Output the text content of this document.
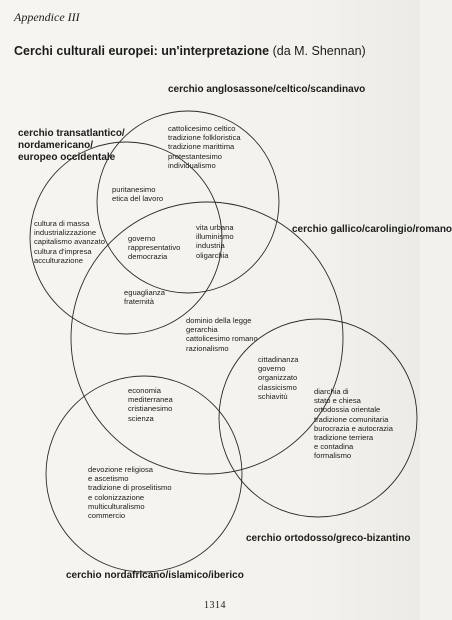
Appendice III
Cerchi culturali europei: un'interpretazione (da M. Shennan)
cerchio anglosassone/celtico/scandinavo
cerchio transatlantico/
nordamericano/
europeo occidentale
cerchio gallico/carolingio/romano
cerchio ortodosso/greco-bizantino
cerchio nordafricano/islamico/iberico
cattolicesimo celtico
tradizione folkloristica
tradizione marittima
protestantesimo
individualismo
puritanesimo
etica del lavoro
cultura di massa
industrializzazione
capitalismo avanzato
cultura d'impresa
acculturazione
governo
rappresentativo
democrazia
vita urbana
illuminismo
industria
oligarchia
eguaglianza
fraternità
dominio della legge
gerarchia
cattolicesimo romano
razionalismo
cittadinanza
governo
organizzato
classicismo
schiavitù
economia
mediterranea
cristianesimo
scienza
diarchia di
stato e chiesa
ortodossia orientale
tradizione comunitaria
burocrazia e autocrazia
tradizione terriera
e contadina
formalismo
devozione religiosa
e ascetismo
tradizione di proselitismo
e colonizzazione
multiculturalismo
commercio
1314
